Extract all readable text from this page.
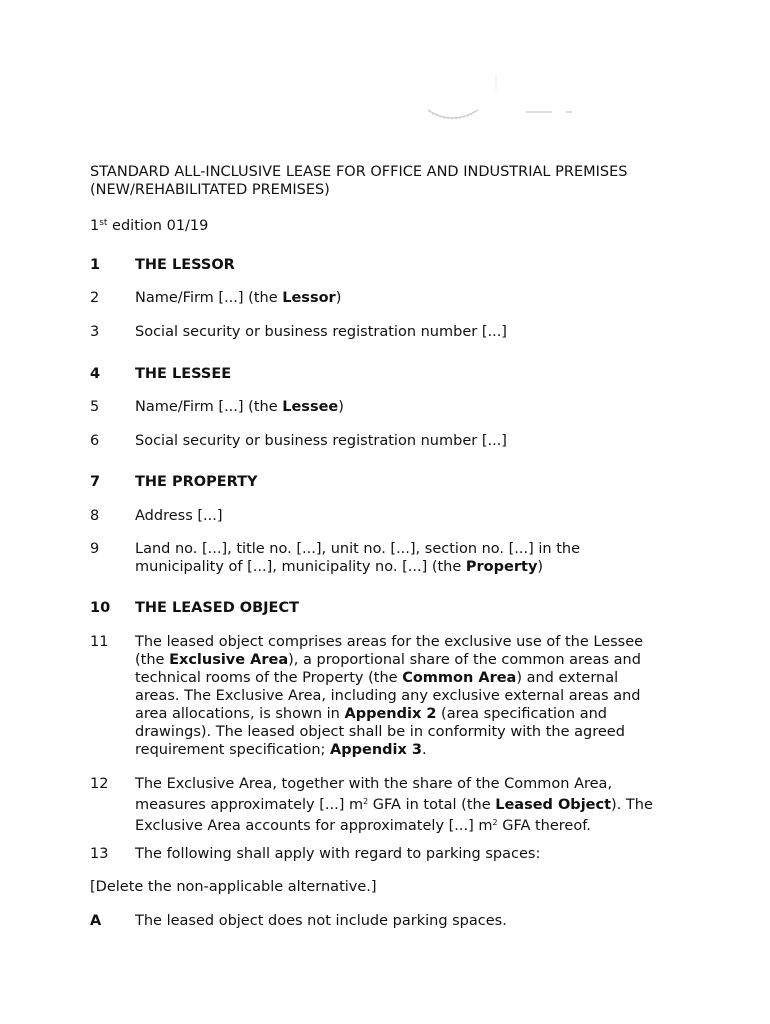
STANDARD ALL-INCLUSIVE LEASE FOR OFFICE AND INDUSTRIAL PREMISES
(NEW/REHABILITATED PREMISES)
1st edition 01/19
1	THE LESSOR
2	Name/Firm [...] (the Lessor)
3	Social security or business registration number [...]
4	THE LESSEE
5	Name/Firm [...] (the Lessee)
6	Social security or business registration number [...]
7	THE PROPERTY
8	Address [...]
9	Land no. [...], title no. [...], unit no. [...], section no. [...] in the
municipality of [...], municipality no. [...] (the Property)
10	THE LEASED OBJECT
11	The leased object comprises areas for the exclusive use of the Lessee
(the Exclusive Area), a proportional share of the common areas and
technical rooms of the Property (the Common Area) and external
areas. The Exclusive Area, including any exclusive external areas and
area allocations, is shown in Appendix 2 (area specification and
drawings). The leased object shall be in conformity with the agreed
requirement specification; Appendix 3.
12	The Exclusive Area, together with the share of the Common Area,
measures approximately [...] $m^2$ GFA in total (the Leased Object). The
Exclusive Area accounts for approximately [...] $m^2$ GFA thereof.
13	The following shall apply with regard to parking spaces:
[Delete the non-applicable alternative.]
A	The leased object does not include parking spaces.
